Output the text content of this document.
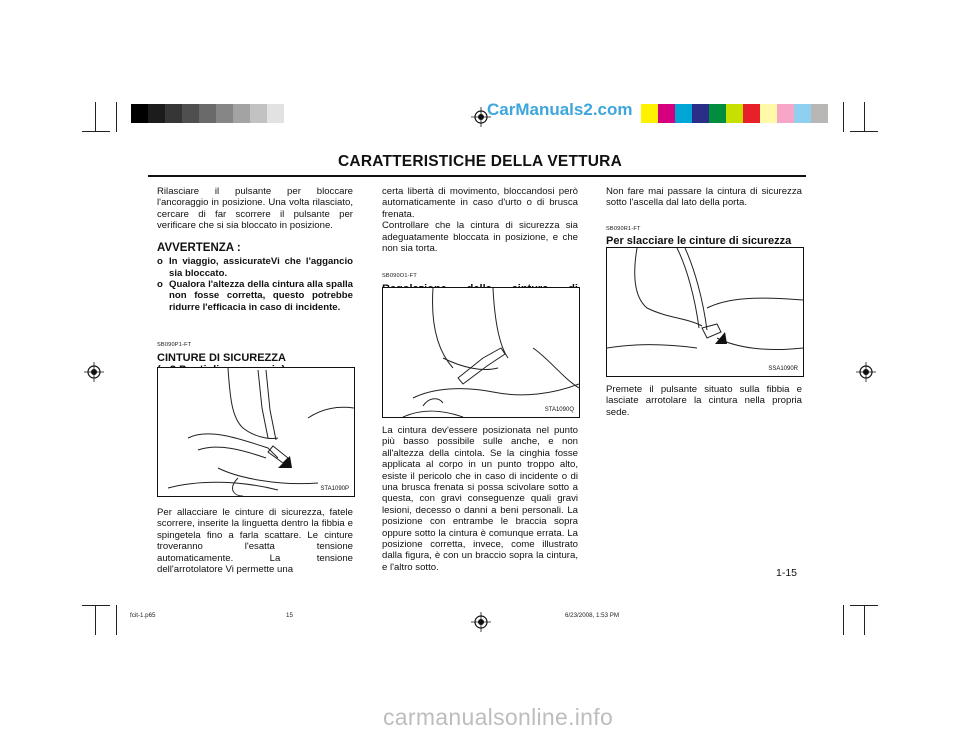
CarManuals2.com
CARATTERISTICHE DELLA VETTURA

Rilasciare il pulsante per bloccare l'ancoraggio in posizione. Una volta rilasciato, cercare di far scorrere il pulsante per verificare che si sia bloccato in posizione.

AVVERTENZA :

o In viaggio, assicurateVi che l'aggancio sia bloccato.
o Qualora l'altezza della cintura alla spalla non fosse corretta, questo potrebbe ridurre l'efficacia in caso di incidente.

SB090P1-FT

CINTURE DI SICUREZZA

STA1090P

Per allacciare le cinture di sicurezza, fatele scorrere, inserite la linguetta dentro la fibbia e spingetela fino a farla scattare. Le cinture troveranno l'esatta tensione automaticamente. La tensione dell'arrotolatore Vi permette una

certa libertà di movimento, bloccandosi però automaticamente in caso d'urto o di brusca frenata.

Controllare che la cintura di sicurezza sia adeguatamente bloccata in posizione, e che non sia torta.

SB090O1-FT

STA1090Q

La cintura dev'essere posizionata nel punto più basso possibile sulle anche, e non all'altezza della cintola. Se la cinghia fosse applicata al corpo in un punto troppo alto, esiste il pericolo che in caso di incidente o di una brusca frenata si possa scivolare sotto a questa, con gravi conseguenze quali gravi lesioni, decesso o danni a beni personali. La posizione con entrambe le braccia sopra oppure sotto la cintura è comunque errata. La posizione corretta, invece, come illustrato dalla figura, è con un braccio sopra la cintura, e l'altro sotto.

Non fare mai passare la cintura di sicurezza sotto l'ascella dal lato della porta.

SB090R1-FT

Per slacciare le cinture di sicurezza

SSA1090R

Premete il pulsante situato sulla fibbia e lasciate arrotolare la cintura nella propria sede.

1-15
fcit-1.p65	15	6/23/2008, 1:53 PM
carmanualsonline.info
